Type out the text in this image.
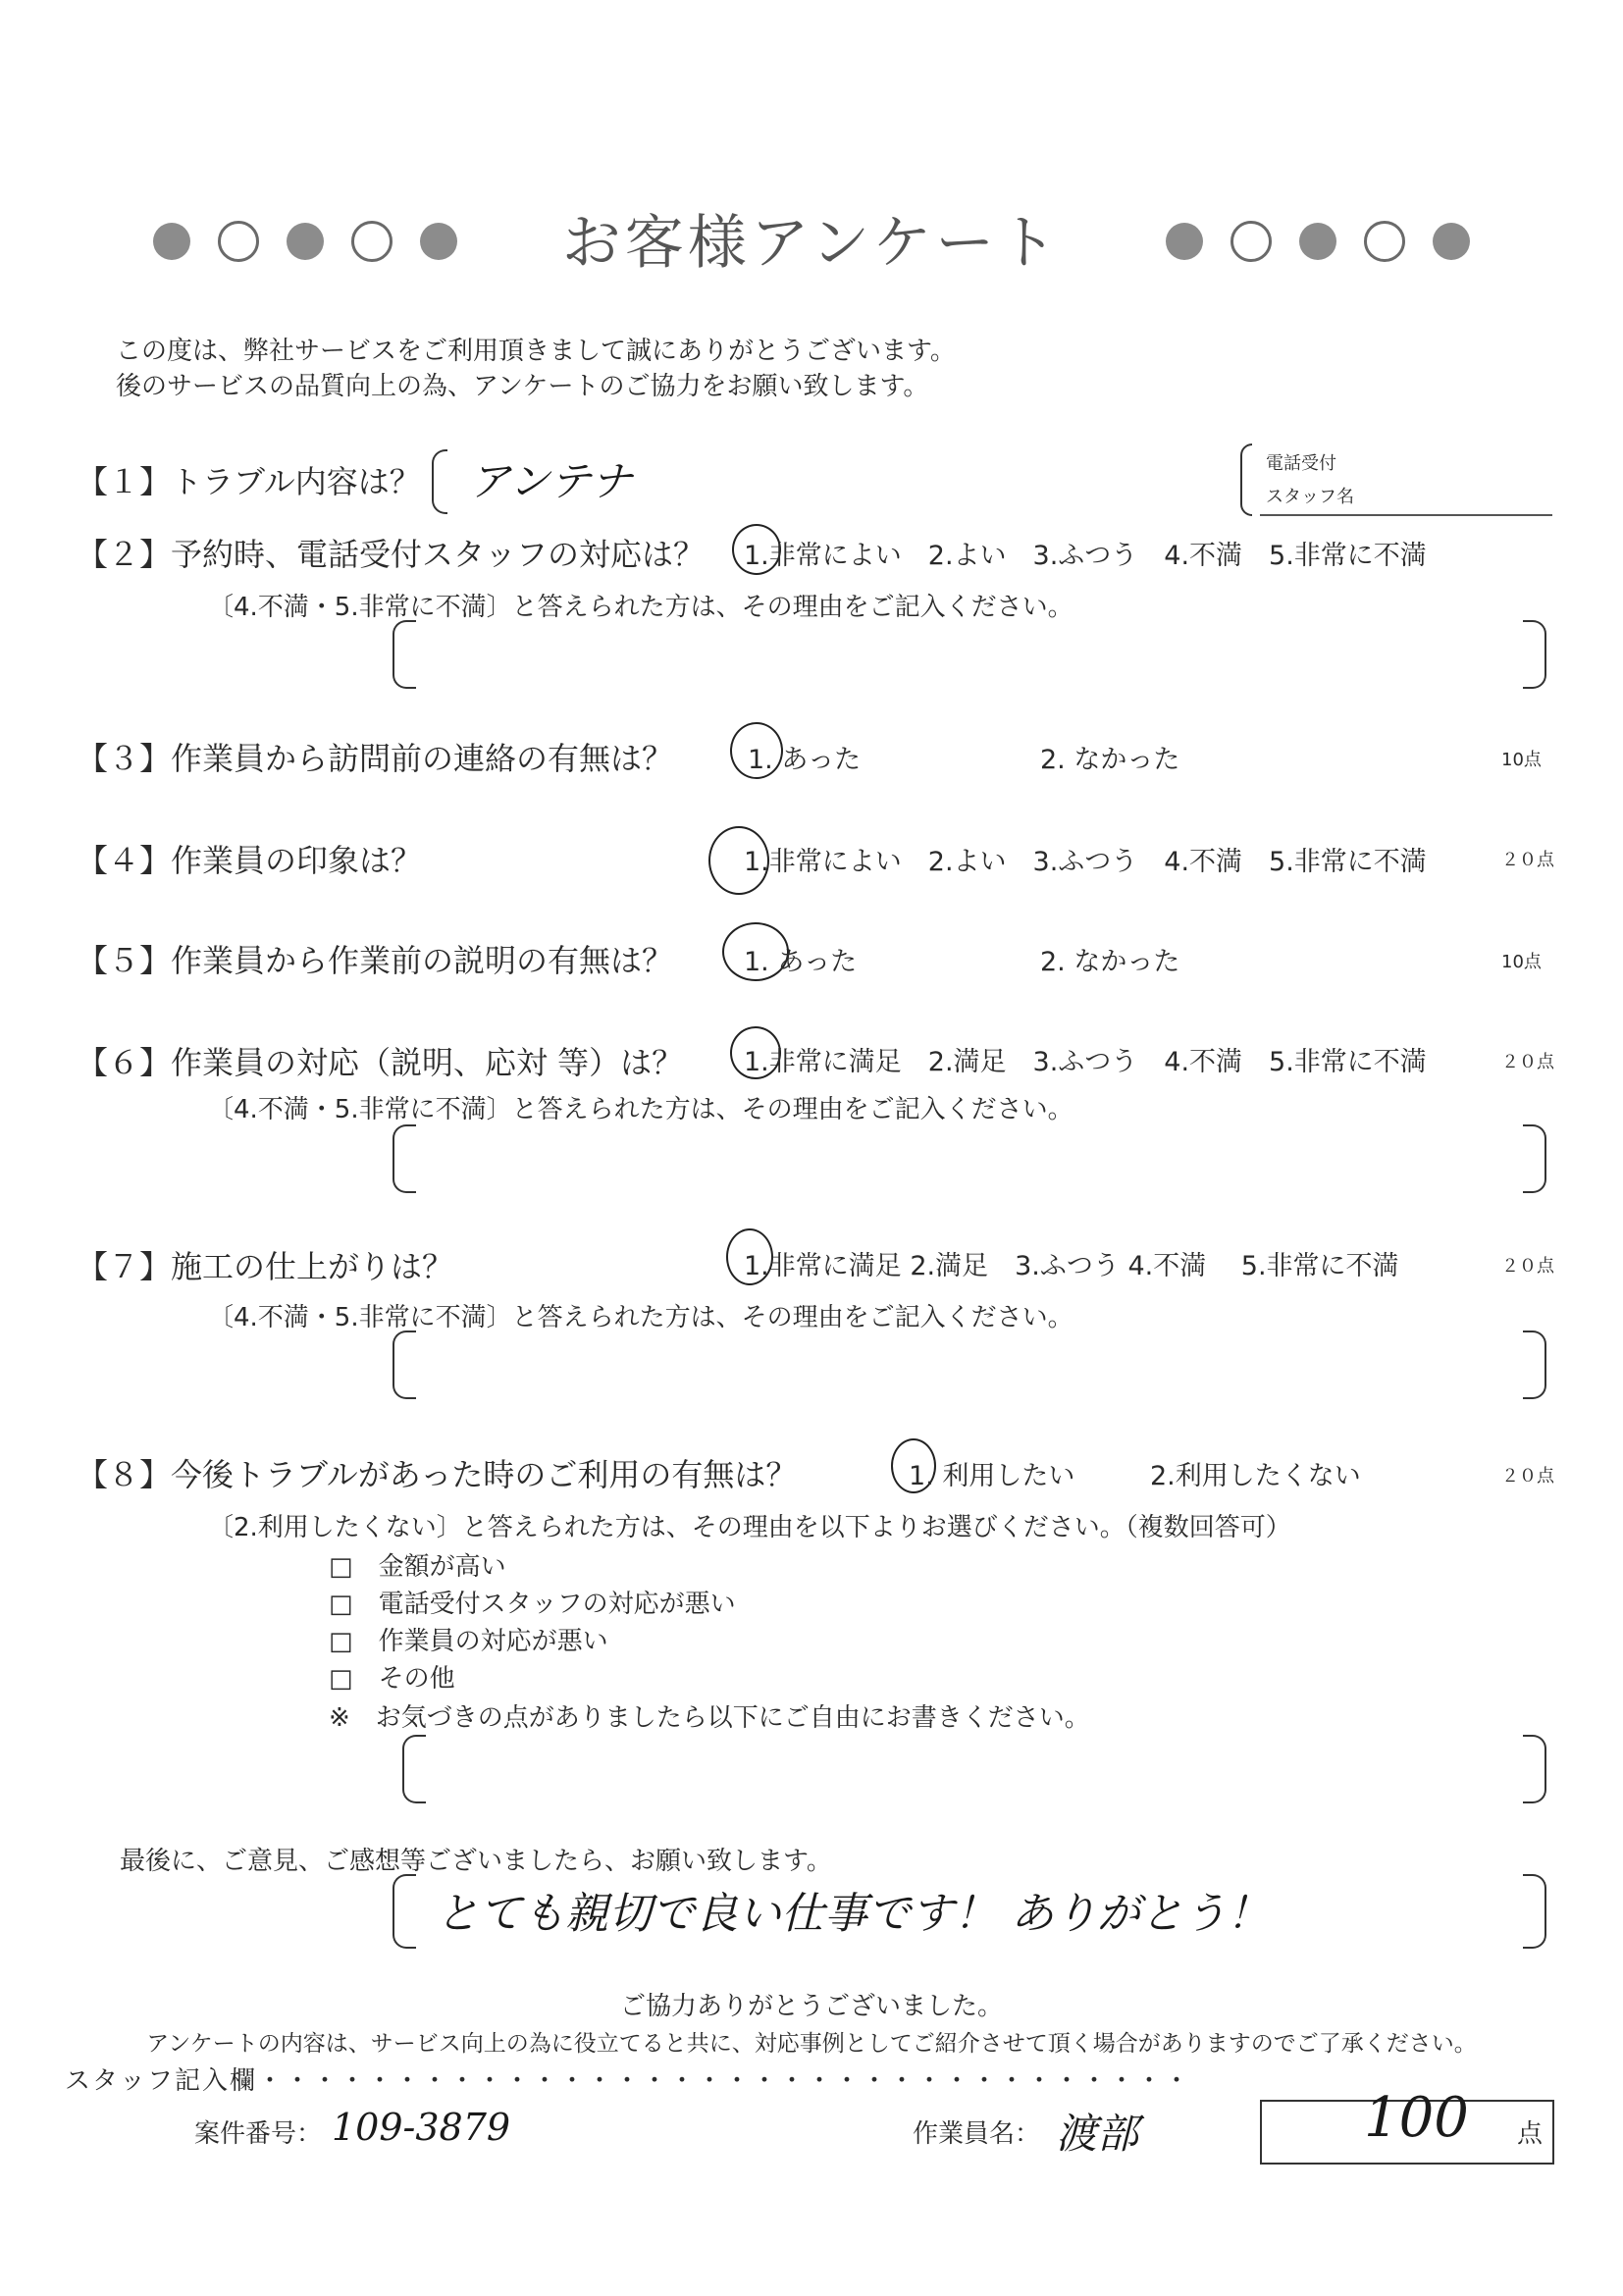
お客様アンケート
この度は、弊社サービスをご利用頂きまして誠にありがとうございます。
後のサービスの品質向上の為、アンケートのご協力をお願い致します。
電話受付
スタッフ名
【１】トラブル内容は？ アンテナ
【２】予約時、電話受付スタッフの対応は？ 1.非常によい　2.よい　3.ふつう　4.不満　5.非常に不満
〔4.不満・5.非常に不満〕と答えられた方は、その理由をご記入ください。
【３】作業員から訪問前の連絡の有無は？	1. あった	2. なかった	10点
【４】作業員の印象は？	1.非常によい　2.よい　3.ふつう　4.不満　5.非常に不満	２０点
【５】作業員から作業前の説明の有無は？	1. あった	2. なかった	10点
【６】作業員の対応（説明、応対 等）は？ 1.非常に満足　2.満足　3.ふつう　4.不満　5.非常に不満	２０点
〔4.不満・5.非常に不満〕と答えられた方は、その理由をご記入ください。
【７】施工の仕上がりは？	1.非常に満足 2.満足　3.ふつう 4.不満　 5.非常に不満	２０点
〔4.不満・5.非常に不満〕と答えられた方は、その理由をご記入ください。
【８】今後トラブルがあった時のご利用の有無は？	1. 利用したい	2.利用したくない	２０点
〔2.利用したくない〕と答えられた方は、その理由を以下よりお選びください。（複数回答可）
□　金額が高い
□　電話受付スタッフの対応が悪い
□　作業員の対応が悪い
□　その他
※　お気づきの点がありましたら以下にご自由にお書きください。
最後に、ご意見、ご感想等ございましたら、お願い致します。
とても親切で良い仕事です！ ありがとう！
ご協力ありがとうございました。
アンケートの内容は、サービス向上の為に役立てると共に、対応事例としてご紹介させて頂く場合がありますのでご了承ください。
スタッフ記入欄・・・・・・・・・・・・・・・・・・・・・・・・・・・・・・・・・・
案件番号： 109-3879	作業員名： 渡部	100 点
